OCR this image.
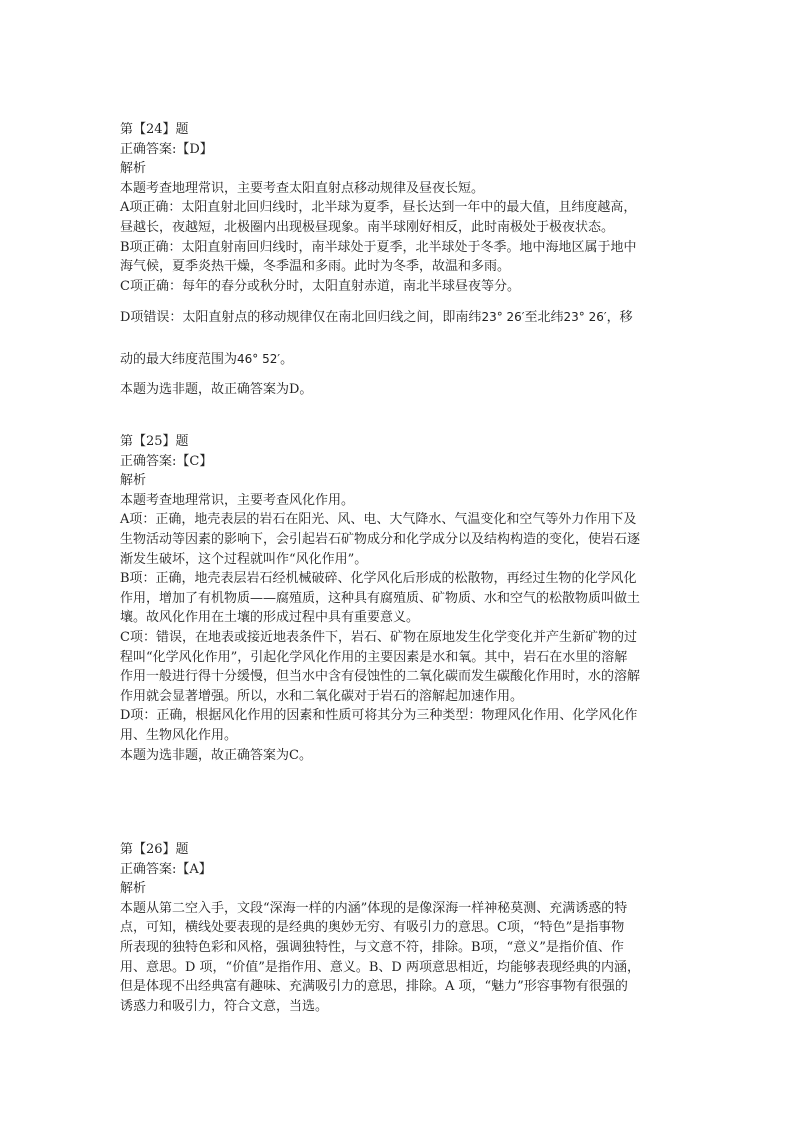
第【24】题
正确答案:【D】
解析
本题考查地理常识，主要考查太阳直射点移动规律及昼夜长短。
A项正确：太阳直射北回归线时，北半球为夏季，昼长达到一年中的最大值，且纬度越高，
昼越长，夜越短，北极圈内出现极昼现象。南半球刚好相反，此时南极处于极夜状态。
B项正确：太阳直射南回归线时，南半球处于夏季，北半球处于冬季。地中海地区属于地中
海气候，夏季炎热干燥，冬季温和多雨。此时为冬季，故温和多雨。
C项正确：每年的春分或秋分时，太阳直射赤道，南北半球昼夜等分。
D项错误：太阳直射点的移动规律仅在南北回归线之间，即南纬23° 26′至北纬23° 26′，移
动的最大纬度范围为46° 52′。
本题为选非题，故正确答案为D。
第【25】题
正确答案:【C】
解析
本题考查地理常识，主要考查风化作用。
A项：正确，地壳表层的岩石在阳光、风、电、大气降水、气温变化和空气等外力作用下及
生物活动等因素的影响下，会引起岩石矿物成分和化学成分以及结构构造的变化，使岩石逐
渐发生破坏，这个过程就叫作“风化作用”。
B项：正确，地壳表层岩石经机械破碎、化学风化后形成的松散物，再经过生物的化学风化
作用，增加了有机物质——腐殖质，这种具有腐殖质、矿物质、水和空气的松散物质叫做土
壤。故风化作用在土壤的形成过程中具有重要意义。
C项：错误，在地表或接近地表条件下，岩石、矿物在原地发生化学变化并产生新矿物的过
程叫“化学风化作用”，引起化学风化作用的主要因素是水和氧。其中，岩石在水里的溶解
作用一般进行得十分缓慢，但当水中含有侵蚀性的二氧化碳而发生碳酸化作用时，水的溶解
作用就会显著增强。所以，水和二氧化碳对于岩石的溶解起加速作用。
D项：正确，根据风化作用的因素和性质可将其分为三种类型：物理风化作用、化学风化作
用、生物风化作用。
本题为选非题，故正确答案为C。
第【26】题
正确答案:【A】
解析
本题从第二空入手，文段“深海一样的内涵”体现的是像深海一样神秘莫测、充满诱惑的特
点，可知，横线处要表现的是经典的奥妙无穷、有吸引力的意思。C项，“特色”是指事物
所表现的独特色彩和风格，强调独特性，与文意不符，排除。B项，“意义”是指价值、作
用、意思。D 项，“价值”是指作用、意义。B、D 两项意思相近，均能够表现经典的内涵，
但是体现不出经典富有趣味、充满吸引力的意思，排除。A 项，“魅力”形容事物有很强的
诱惑力和吸引力，符合文意，当选。
